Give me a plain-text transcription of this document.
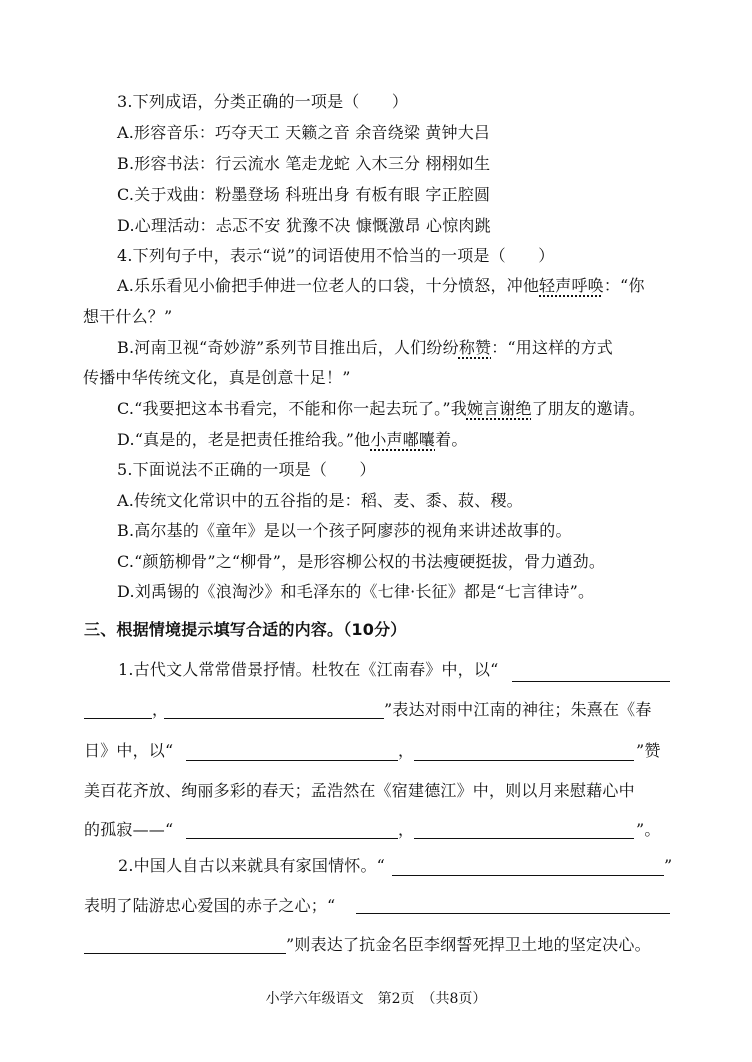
3.下列成语，分类正确的一项是（　　）
A.形容音乐：巧夺天工 天籁之音 余音绕梁 黄钟大吕
B.形容书法：行云流水 笔走龙蛇 入木三分 栩栩如生
C.关于戏曲：粉墨登场 科班出身 有板有眼 字正腔圆
D.心理活动：忐忑不安 犹豫不决 慷慨激昂 心惊肉跳
4.下列句子中，表示“说”的词语使用不恰当的一项是（　　）
A.乐乐看见小偷把手伸进一位老人的口袋，十分愤怒，冲他轻声呼唤：“你
想干什么？”
B.河南卫视“奇妙游”系列节目推出后，人们纷纷称赞：“用这样的方式
传播中华传统文化，真是创意十足！”
C.“我要把这本书看完，不能和你一起去玩了。”我婉言谢绝了朋友的邀请。
D.“真是的，老是把责任推给我。”他小声嘟囔着。
5.下面说法不正确的一项是（　　）
A.传统文化常识中的五谷指的是：稻、麦、黍、菽、稷。
B.高尔基的《童年》是以一个孩子阿廖莎的视角来讲述故事的。
C.“颜筋柳骨”之“柳骨”，是形容柳公权的书法瘦硬挺拔，骨力遒劲。
D.刘禹锡的《浪淘沙》和毛泽东的《七律·长征》都是“七言律诗”。
三、根据情境提示填写合适的内容。（10分）
1.古代文人常常借景抒情。杜牧在《江南春》中，以“
，	”表达对雨中江南的神往；朱熹在《春
日》中，以“	，	”赞
美百花齐放、绚丽多彩的春天；孟浩然在《宿建德江》中，则以月来慰藉心中
的孤寂——“	，	”。
2.中国人自古以来就具有家国情怀。“	”
表明了陆游忠心爱国的赤子之心；“
”则表达了抗金名臣李纲誓死捍卫土地的坚定决心。
小学六年级语文　第2页　（共8页）
